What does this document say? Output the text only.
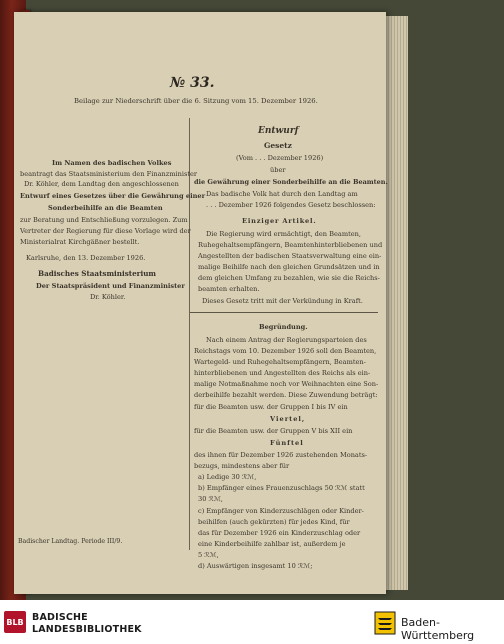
№ 33.
Beilage zur Niederschrift über die 6. Sitzung vom 15. Dezember 1926.
Im Namen des badischen Volkes
beantragt das Staatsministerium den Finanzminister
Dr. Köhler, dem Landtag den angeschlossenen
Entwurf eines Gesetzes über die Gewährung einer
Sonderbeihilfe an die Beamten
zur Beratung und Entschließung vorzulegen. Zum
Vertreter der Regierung für diese Vorlage wird der
Ministerialrat Kirchgäßner bestellt.
Karlsruhe, den 13. Dezember 1926.
Badisches Staatsministerium
Der Staatspräsident und Finanzminister
Dr. Köhler.
Badischer Landtag. Periode III/9.
Entwurf
Gesetz
(Vom . . . Dezember 1926)
über
die Gewährung einer Sonderbeihilfe an die Beamten.
Das badische Volk hat durch den Landtag am
. . . Dezember 1926 folgendes Gesetz beschlossen:
Einziger Artikel.
Die Regierung wird ermächtigt, den Beamten,
Ruhegehaltsempfängern, Beamtenhinterbliebenen und
Angestellten der badischen Staatsverwaltung eine ein-
malige Beihilfe nach den gleichen Grundsätzen und in
dem gleichen Umfang zu bezahlen, wie sie die Reichs-
beamten erhalten.
Dieses Gesetz tritt mit der Verkündung in Kraft.
Begründung.
Nach einem Antrag der Regierungsparteien des
Reichstags vom 10. Dezember 1926 soll den Beamten,
Wartegeld- und Ruhegehaltsempfängern, Beamten-
hinterbliebenen und Angestellten des Reichs als ein-
malige Notmaßnahme noch vor Weihnachten eine Son-
derbeihilfe bezahlt werden. Diese Zuwendung beträgt:
für die Beamten usw. der Gruppen I bis IV ein
Viertel,
für die Beamten usw. der Gruppen V bis XII ein
Fünftel
des ihnen für Dezember 1926 zustehenden Monats-
bezugs, mindestens aber für
a) Ledige 30 ℛℳ,
b) Empfänger eines Frauenzuschlags 50 ℛℳ statt
30 ℛℳ,
c) Empfänger von Kinderzuschlägen oder Kinder-
beihilfen (auch gekürzten) für jedes Kind, für
das für Dezember 1926 ein Kinderzuschlag oder
eine Kinderbeihilfe zahlbar ist, außerdem je
5 ℛℳ,
d) Auswärtigen insgesamt 10 ℛℳ;
BLB BADISCHE
LANDESBIBLIOTHEK
Baden-Württemberg
